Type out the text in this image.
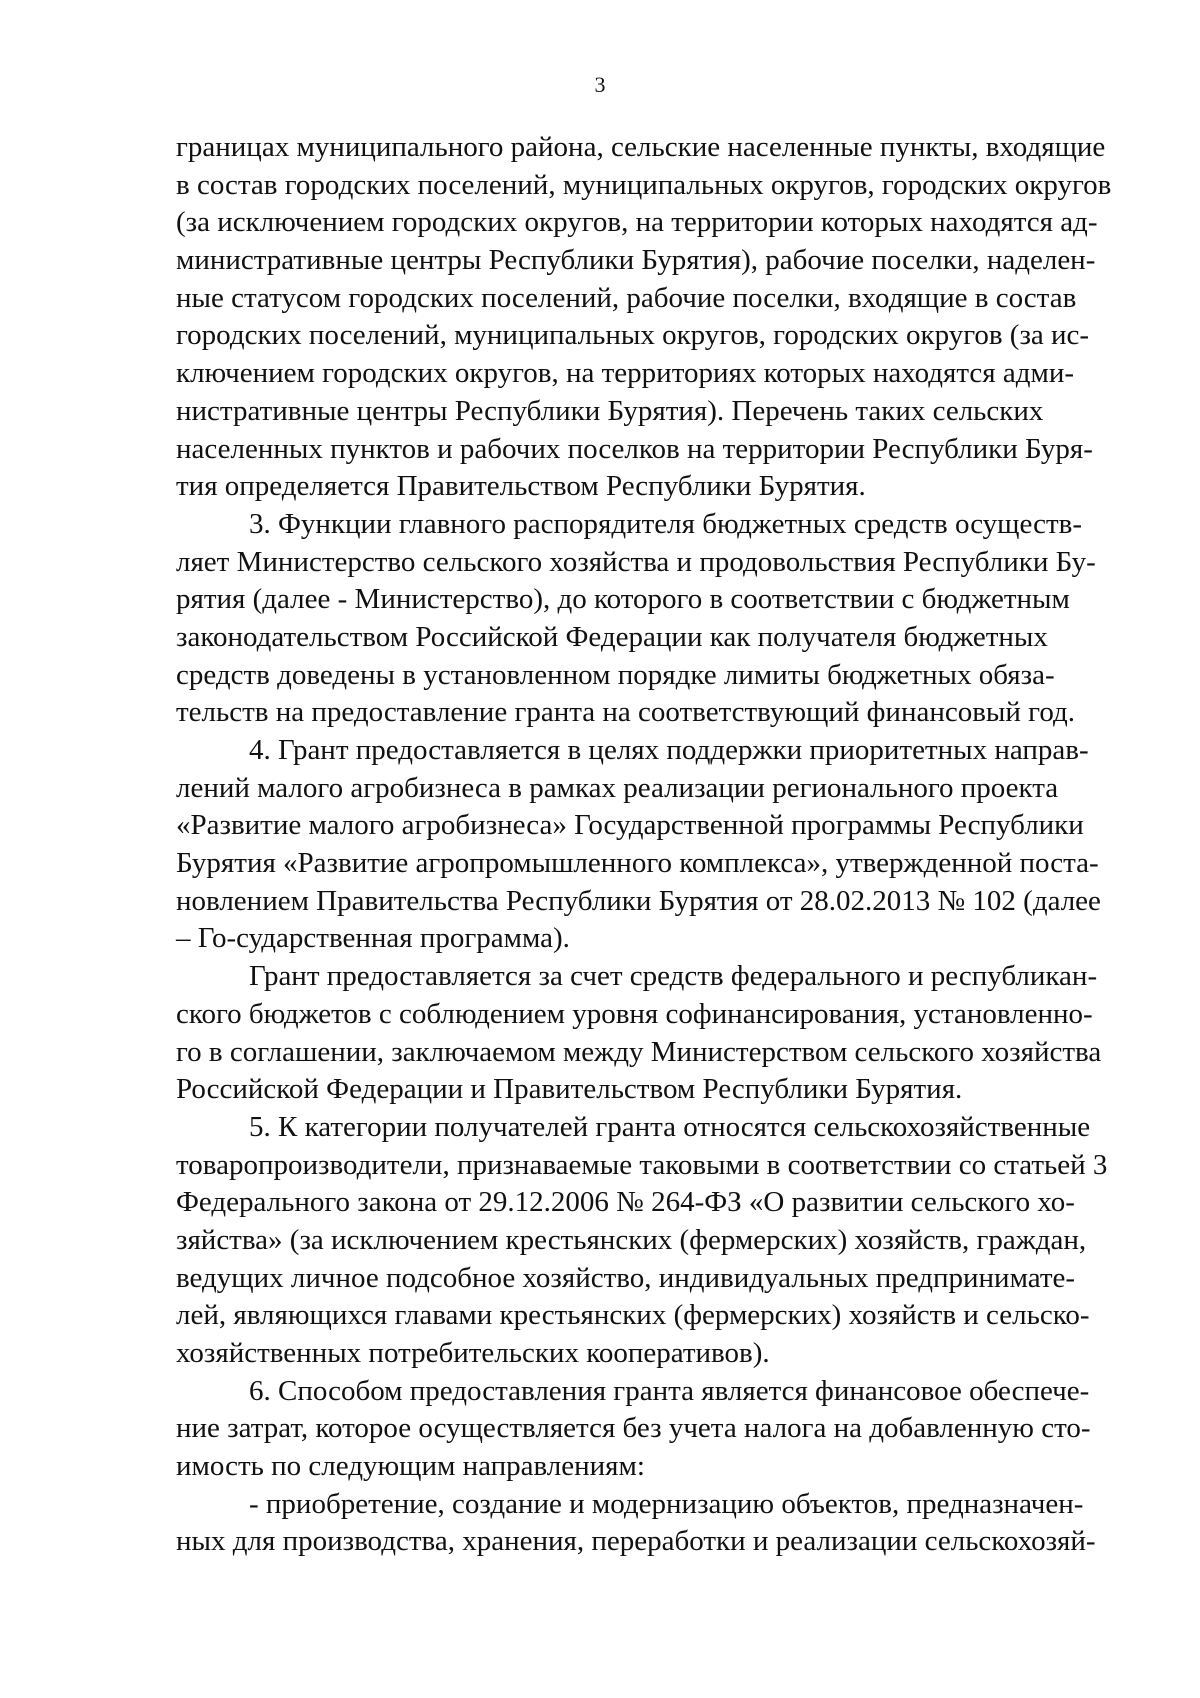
3
границах муниципального района, сельские населенные пункты, входящие
в состав городских поселений, муниципальных округов, городских округов
(за исключением городских округов, на территории которых находятся ад-
министративные центры Республики Бурятия), рабочие поселки, наделен-
ные статусом городских поселений, рабочие поселки, входящие в состав
городских поселений, муниципальных округов, городских округов (за ис-
ключением городских округов, на территориях которых находятся адми-
нистративные центры Республики Бурятия). Перечень таких сельских
населенных пунктов и рабочих поселков на территории Республики Буря-
тия определяется Правительством Республики Бурятия.
3. Функции главного распорядителя бюджетных средств осуществ-
ляет Министерство сельского хозяйства и продовольствия Республики Бу-
рятия (далее - Министерство), до которого в соответствии с бюджетным
законодательством Российской Федерации как получателя бюджетных
средств доведены в установленном порядке лимиты бюджетных обяза-
тельств на предоставление гранта на соответствующий финансовый год.
4. Грант предоставляется в целях поддержки приоритетных направ-
лений малого агробизнеса в рамках реализации регионального проекта
«Развитие малого агробизнеса» Государственной программы Республики
Бурятия «Развитие агропромышленного комплекса», утвержденной поста-
новлением Правительства Республики Бурятия от 28.02.2013 № 102 (далее
– Го-сударственная программа).
Грант предоставляется за счет средств федерального и республикан-
ского бюджетов с соблюдением уровня софинансирования, установленно-
го в соглашении, заключаемом между Министерством сельского хозяйства
Российской Федерации и Правительством Республики Бурятия.
5. К категории получателей гранта относятся сельскохозяйственные
товаропроизводители, признаваемые таковыми в соответствии со статьей 3
Федерального закона от 29.12.2006 № 264-ФЗ «О развитии сельского хо-
зяйства» (за исключением крестьянских (фермерских) хозяйств, граждан,
ведущих личное подсобное хозяйство, индивидуальных предпринимате-
лей, являющихся главами крестьянских (фермерских) хозяйств и сельско-
хозяйственных потребительских кооперативов).
6. Способом предоставления гранта является финансовое обеспече-
ние затрат, которое осуществляется без учета налога на добавленную сто-
имость по следующим направлениям:
- приобретение, создание и модернизацию объектов, предназначен-
ных для производства, хранения, переработки и реализации сельскохозяй-
